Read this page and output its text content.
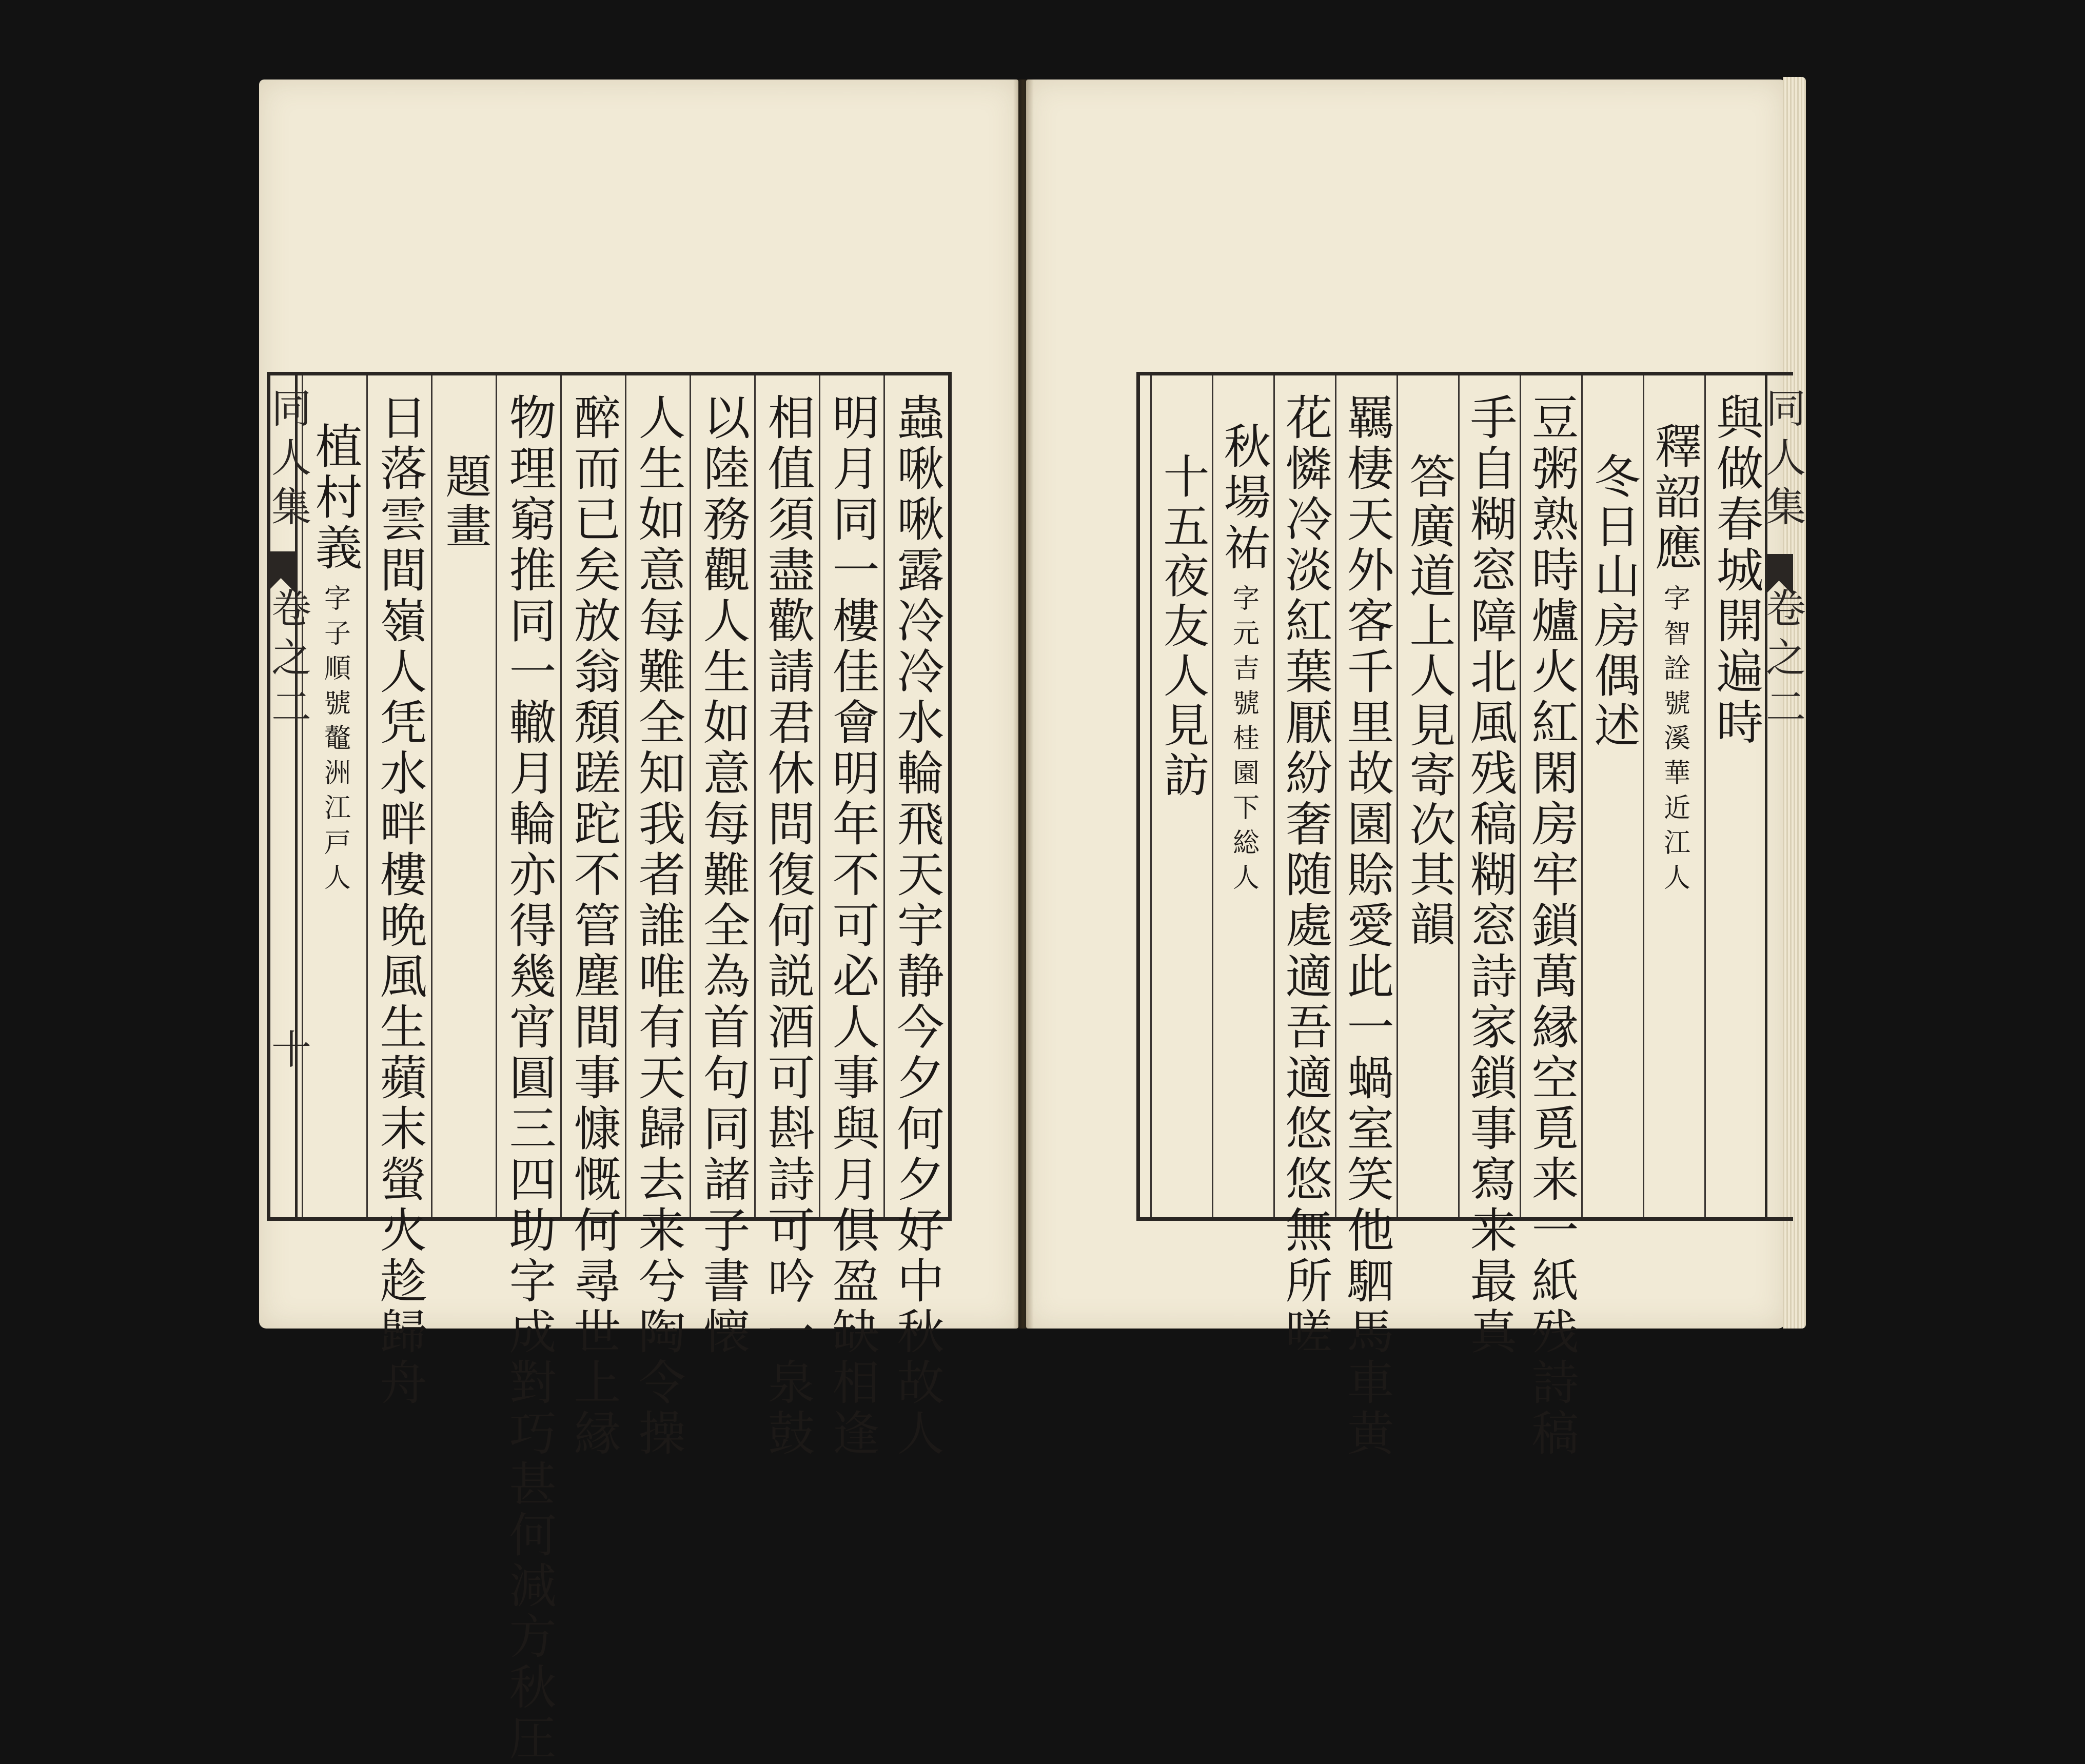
蟲啾啾露冷冷水輪飛天宇静今夕何夕好中秋故人
明月同一樓佳會明年不可必人事與月俱盈缺相逢
相值須盡歡請君休問復何説酒可斟詩可吟一泉鼓
以陸務觀人生如意每難全為首句同諸子書懐
人生如意每難全知我者誰唯有天歸去来兮陶令操
醉而已矣放翁頽蹉跎不管塵間事慷慨何尋世上縁
物理窮推同一轍月輪亦得幾宵圓三四助字成對巧甚何減方秋圧
題畫
日落雲間嶺人凭水畔樓晩風生蘋末螢火趁歸舟
植村義
字子順號鼇洲江戸人
同人集
卷之二
十
與做春城開遍時
釋韶應
字智詮號溪華近江人
冬日山房偶述
豆粥熟時爐火紅閑房牢鎖萬縁空覓来一紙残詩稿
手自糊窓障北風残稿糊窓詩家鎖事寫来最真
答廣道上人見寄次其韻
羈棲天外客千里故園賒愛此一蝸室笑他駟馬車黄
花憐冷淡紅葉厭紛奢随處適吾適悠悠無所嗟
秋場祐
字元吉號桂園下総人
十五夜友人見訪	同人集
卷之二
